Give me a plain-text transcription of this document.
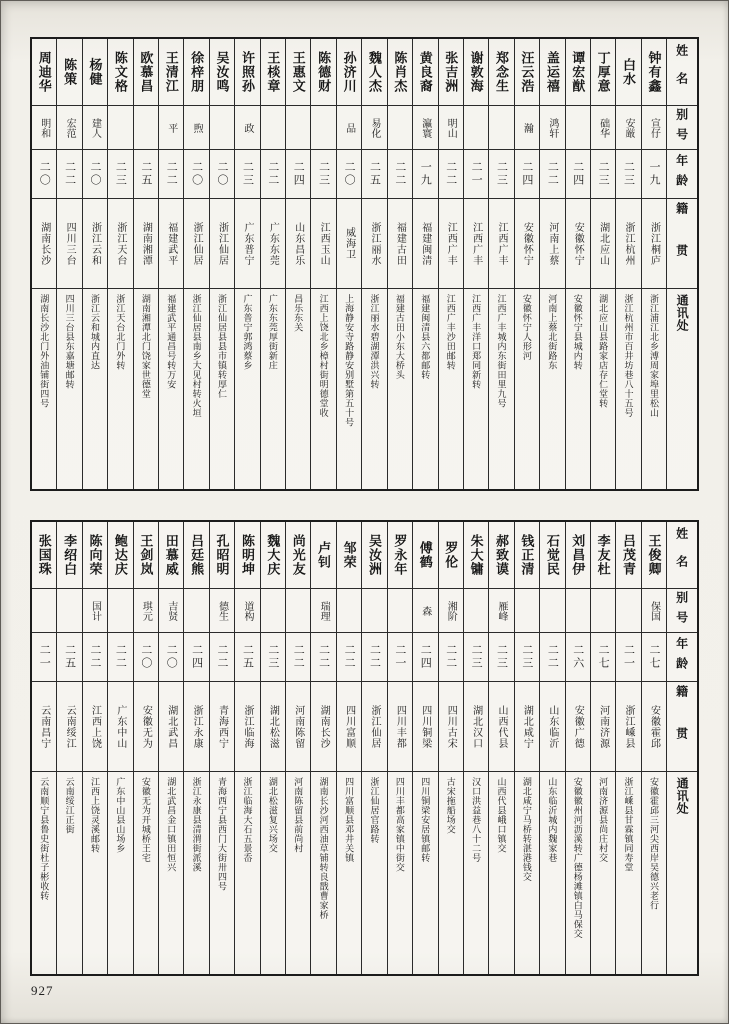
周迪华
明和
二〇
湖南长沙
湖南长沙北门外油铺街四号
陈策
宏范
二二
四川三台
四川三台县东嘉塘邮转
杨健
建人
二〇
浙江云和
浙江云和城内直达
陈文格
二三
浙江天台
浙江天台北门外转
欧慕昌
二五
湖南湘潭
湖南湘潭北门饶家世德堂
王清江
平
二二
福建武平
福建武平通昌号转万安
徐梓朋
煦
二〇
浙江仙居
浙江仙居县南乡大见村转火垣
吴汝鸣
二〇
浙江仙居
浙江仙居县县市镇转厚仁
许照孙
政
二三
广东普宁
广东普宁郭鸿蔡乡
王棪章
二二
广东东莞
广东东莞厚街新庄
王惠文
二四
山东昌乐
昌乐东关
陈德财
二三
江西玉山
江西上饶北乡樟村街明德堂收
孙济川
品
二〇
威海卫
上海静安寺路静安别墅第五十号
魏人杰
易化
二五
浙江丽水
浙江丽水碧湖潭洪兴转
陈肖杰
二二
福建古田
福建古田小东大桥头
黄良裔
瀛寰
一九
福建闽清
福建闽清县六都邮转
张吉洲
明山
二二
江西广丰
江西广丰沙田邮转
谢敦海
二一
江西广丰
江西广丰洋口郑同新转
郑念生
二三
江西广丰
江西广丰城内东街田里九号
汪云浩
瀚
二四
安徽怀宁
安徽怀宁人形河
盖运禧
鸿轩
二二
河南上蔡
河南上蔡北街路东
谭宏猷
二四
安徽怀宁
安徽怀宁县城内转
丁厚意
础华
二三
湖北应山
湖北应山县路家店存仁堂转
白水
安厳
二三
浙江杭州
浙江杭州市百井坊巷八十五号
钟有鑫
宣仔
一九
浙江桐庐
浙江浦江北乡溥周家埠里松山
姓名
别号
年龄
籍贯
通讯处
张国珠
二一
云南昌宁
云南顺宁县鲁史街杜子彬收转
李绍白
二五
云南绥江
云南绥江正街
陈向荣
国计
二二
江西上饶
江西上饶灵溪邮转
鲍达庆
二二
广东中山
广东中山县山场乡
王剑岚
琪元
二〇
安徽无为
安徽无为开城桥王宅
田慕威
吉贤
二〇
湖北武昌
湖北武昌金口镇田恒兴
吕廷熊
二四
浙江永康
浙江永康县清渭街派溪
孔昭明
德生
二二
青海西宁
青海西宁县西门大街卅四号
陈明坤
道构
二五
浙江临海
浙江临海大石五景岙
魏大庆
二三
湖北松滋
湖北松滋复兴场交
尚光友
二二
河南陈留
河南陈留县前尚村
卢钊
瑞理
二二
湖南长沙
湖南长沙河西油草铺转良戬曹家桥
邹荣
二二
四川富顺
四川富顺县邓井关镇
吴汝洲
二二
浙江仙居
浙江仙居官路转
罗永年
二一
四川丰都
四川丰都高家镇中街交
傅鹤
森
二四
四川铜梁
四川铜梁安居镇邮转
罗伦
湘阶
二二
四川古宋
古宋拖船场交
朱大镛
二三
湖北汉口
汉口洪益巷八十二号
郝致谟
雁峰
二三
山西代县
山西代县峨口镇交
钱正清
二三
湖北咸宁
湖北咸宁马桥转湛港钱交
石觉民
二二
山东临沂
山东临沂城内魏家巷
刘昌伊
二六
安徽广德
安徽徽州河沥溪转广德杨滩镇白马保交
李友杜
二七
河南济源
河南济源县尚庄村交
吕茂青
二一
浙江嵊县
浙江嵊县甘霖镇同寿堂
王俊卿
保国
二七
安徽霍邱
安徽霍邱三河尖西岸吴德兴老行
姓名
别号
年龄
籍贯
通讯处
927
